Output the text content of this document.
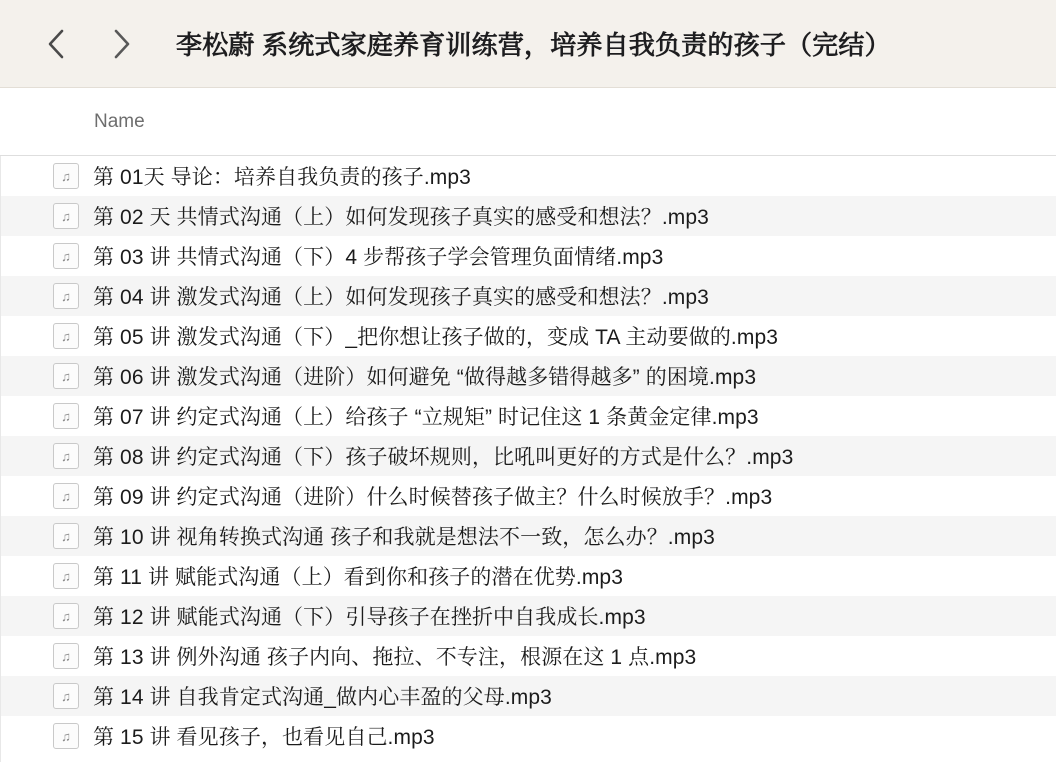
李松蔚 系统式家庭养育训练营，培养自我负责的孩子（完结）
Name
♫	第 01天 导论：培养自我负责的孩子.mp3
♫	第 02 天 共情式沟通（上）如何发现孩子真实的感受和想法？.mp3
♫	第 03 讲 共情式沟通（下）4 步帮孩子学会管理负面情绪.mp3
♫	第 04 讲 激发式沟通（上）如何发现孩子真实的感受和想法？.mp3
♫	第 05 讲 激发式沟通（下）_把你想让孩子做的，变成 TA 主动要做的.mp3
♫	第 06 讲 激发式沟通（进阶）如何避免 “做得越多错得越多” 的困境.mp3
♫	第 07 讲 约定式沟通（上）给孩子 “立规矩” 时记住这 1 条黄金定律.mp3
♫	第 08 讲 约定式沟通（下）孩子破坏规则，比吼叫更好的方式是什么？.mp3
♫	第 09 讲 约定式沟通（进阶）什么时候替孩子做主？什么时候放手？.mp3
♫	第 10 讲 视角转换式沟通 孩子和我就是想法不一致，怎么办？.mp3
♫	第 11 讲 赋能式沟通（上）看到你和孩子的潜在优势.mp3
♫	第 12 讲 赋能式沟通（下）引导孩子在挫折中自我成长.mp3
♫	第 13 讲 例外沟通 孩子内向、拖拉、不专注，根源在这 1 点.mp3
♫	第 14 讲 自我肯定式沟通_做内心丰盈的父母.mp3
♫	第 15 讲 看见孩子，也看见自己.mp3
